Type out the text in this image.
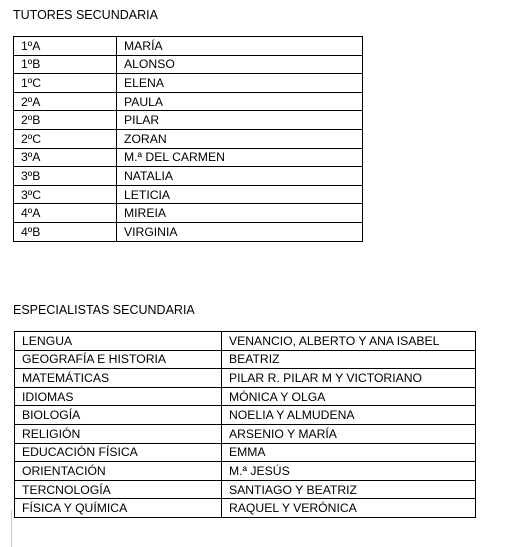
TUTORES SECUNDARIA
1ºA	MARÍA
1ºB	ALONSO
1ºC	ELENA
2ºA	PAULA
2ºB	PILAR
2ºC	ZORAN
3ºA	M.ª DEL CARMEN
3ºB	NATALIA
3ºC	LETICIA
4ºA	MIREIA
4ºB	VIRGINIA
ESPECIALISTAS SECUNDARIA
LENGUA	VENANCIO, ALBERTO Y ANA ISABEL
GEOGRAFÍA E HISTORIA	BEATRIZ
MATEMÁTICAS	PILAR R. PILAR M Y VICTORIANO
IDIOMAS	MÓNICA Y OLGA
BIOLOGÍA	NOELIA Y ALMUDENA
RELIGIÓN	ARSENIO Y MARÍA
EDUCACIÓN FÍSICA	EMMA
ORIENTACIÓN	M.ª JESÚS
TERCNOLOGÍA	SANTIAGO Y BEATRIZ
FÍSICA Y QUÍMICA	RAQUEL Y VERÓNICA
